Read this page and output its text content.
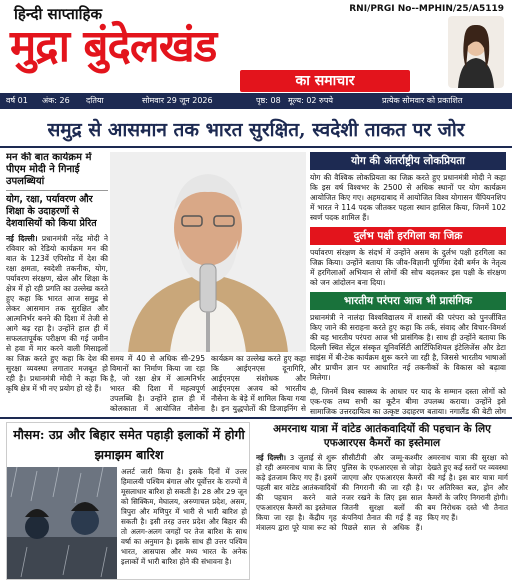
हिन्दी साप्ताहिक
मुद्रा बुंदेलखंड
का समाचार
RNI/PRGI No--MPHIN/25/A5119
वर्ष 01 अंक: 26 दतिया	सोमवार 29 जून 2026	पृष्ठ: 08 मूल्य: 02 रुपये	प्रत्येक सोमवार को प्रकाशित
समुद्र से आसमान तक भारत सुरक्षित, स्वदेशी ताकत पर जोर
मन की बात कार्यक्रम में पीएम मोदी ने गिनाई उपलब्धियां
योग, रक्षा, पर्यावरण और शिक्षा के उदाहरणों से देशवासियों को किया प्रेरित
नई दिल्ली। प्रधानमंत्री नरेंद्र मोदी ने रविवार को रेडियो कार्यक्रम मन की बात के 123वें एपिसोड में देश की रक्षा क्षमता, स्वदेशी तकनीक, योग, पर्यावरण संरक्षण, खेल और शिक्षा के क्षेत्र में हो रही प्रगति का उल्लेख करते हुए कहा कि भारत आज समुद्र से लेकर आसमान तक सुरक्षित और आत्मनिर्भर बनने की दिशा में तेजी से आगे बढ़ रहा है। उन्होंने हाल ही में सफलतापूर्वक परीक्षण की गई जमीन से हवा में मार करने वाली मिसाइलों का जिक्र करते हुए कहा कि देश की सुरक्षा व्यवस्था लगातार मजबूत हो रही है। प्रधानमंत्री मोदी ने कहा कि कृषि क्षेत्र में भी नए प्रयोग हो रहे हैं।
समय में 40 से अधिक सी-295 विमानों का निर्माण किया जा रहा है, जो रक्षा क्षेत्र में आत्मनिर्भर भारत की दिशा में महत्वपूर्ण उपलब्धि है। उन्होंने हाल ही में कोलकाता में आयोजित नौसेना कार्यक्रम का उल्लेख करते हुए कहा कि आईएनएस दूनागिरि, आईएनएस संशोधक और आईएनएस अजय को भारतीय नौसेना के बेड़े में शामिल किया गया है। इन युद्धपोतों की डिजाइनिंग से
योग की अंतर्राष्ट्रीय लोकप्रियता
योग की वैश्विक लोकप्रियता का जिक्र करते हुए प्रधानमंत्री मोदी ने कहा कि इस वर्ष विश्वभर के 2500 से अधिक स्थानों पर योग कार्यक्रम आयोजित किए गए। अहमदाबाद में आयोजित विश्व योगासन चैंपियनशिप में भारत ने 114 पदक जीतकर पहला स्थान हासिल किया, जिनमें 102 स्वर्ण पदक शामिल हैं।
दुर्लभ पक्षी हरगिला का जिक्र
पर्यावरण संरक्षण के संदर्भ में उन्होंने असम के दुर्लभ पक्षी हरगिला का जिक्र किया। उन्होंने बताया कि जीव-विज्ञानी पूर्णिमा देवी बर्मन के नेतृत्व में हरगिलाओं अभियान से लोगों की सोच बदलकर इस पक्षी के संरक्षण को जन आंदोलन बना दिया।
भारतीय परंपरा आज भी प्रासंगिक
प्रधानमंत्री ने नालंदा विश्वविद्यालय में शास्त्रों की परंपरा को पुनर्जीवित किए जाने की सराहना करते हुए कहा कि तर्क, संवाद और विचार-विमर्श की यह भारतीय परंपरा आज भी प्रासंगिक है। साथ ही उन्होंने बताया कि दिल्ली स्थित सेंट्रल संस्कृत यूनिवर्सिटी आर्टिफिशियल इंटेलिजेंस और डेटा साइंस में बी-टेक कार्यक्रम शुरू करने जा रही है, जिससे भारतीय भाषाओं और प्राचीन ज्ञान पर आधारित नई तकनीकों के विकास को बढ़ावा मिलेगा।
दी, जिनमें विश्व स्वास्थ्य के आधार पर याद के सम्मान दस्ता लोगों को एक-एक तथ्य सभी का कूटैन बीमा उपलब्ध कराया। उन्होंने इसे सामाजिक उत्तरदायित्व का उत्कृष्ट उदाहरण बताया। नगालैंड की बेटी लोग
मौसम: उप्र और बिहार समेत पहाड़ी इलाकों में होगी झमाझम बारिश
अलर्ट जारी किया है। इसके दिनों में उत्तर हिमालयी पश्चिम बंगाल और पूर्वोत्तर के राज्यों में मूसलाधार बारिश हो सकती है। 28 और 29 जून को सिक्किम, मेघालय, अरुणाचल प्रदेश, असम, त्रिपुरा और मणिपुर में भारी से भारी बारिश हो सकती है। इसी तरह उत्तर प्रदेश और बिहार की तो अलग-अलग जगहों पर तेज बारिश के साथ वर्षा का अनुमान है। इसके साथ ही उत्तर पश्चिम भारत, आसपास और मध्य भारत के अनेक इलाकों में भारी बारिश होने की संभावना है।
अमरनाथ यात्रा में वांटेड आतंकवादियों की पहचान के लिए एफआरएस कैमरों का इस्तेमाल
नई दिल्ली। 3 जुलाई से शुरू हो रही अमरनाथ यात्रा के लिए कड़े इंतजाम किए गए हैं। इसमें पहली बार वांटेड आतंकवादियों की पहचान करने वाले एफआरएस कैमरों का इस्तेमाल किया जा रहा है। केंद्रीय गृह मंत्रालय द्वारा पूरे यात्रा रूट को सीसीटीवी और जम्मू-कश्मीर पुलिस के एफआरएस से जोड़ा जाएगा और एफआरएस कैमरों की निगरानी की जा रही है। नजर रखने के लिए इस साल जितनी सुरक्षा बलों की कंपनियां तैनात की गई हैं वह पिछले साल से अधिक हैं। अमरनाथ यात्रा की सुरक्षा को देखते हुए कई स्तरों पर व्यवस्था की गई है। इस बार यात्रा मार्ग पर अतिरिक्त बल, ड्रोन और कैमरों के जरिए निगरानी होगी। बम निरोधक दस्ते भी तैनात किए गए हैं।
